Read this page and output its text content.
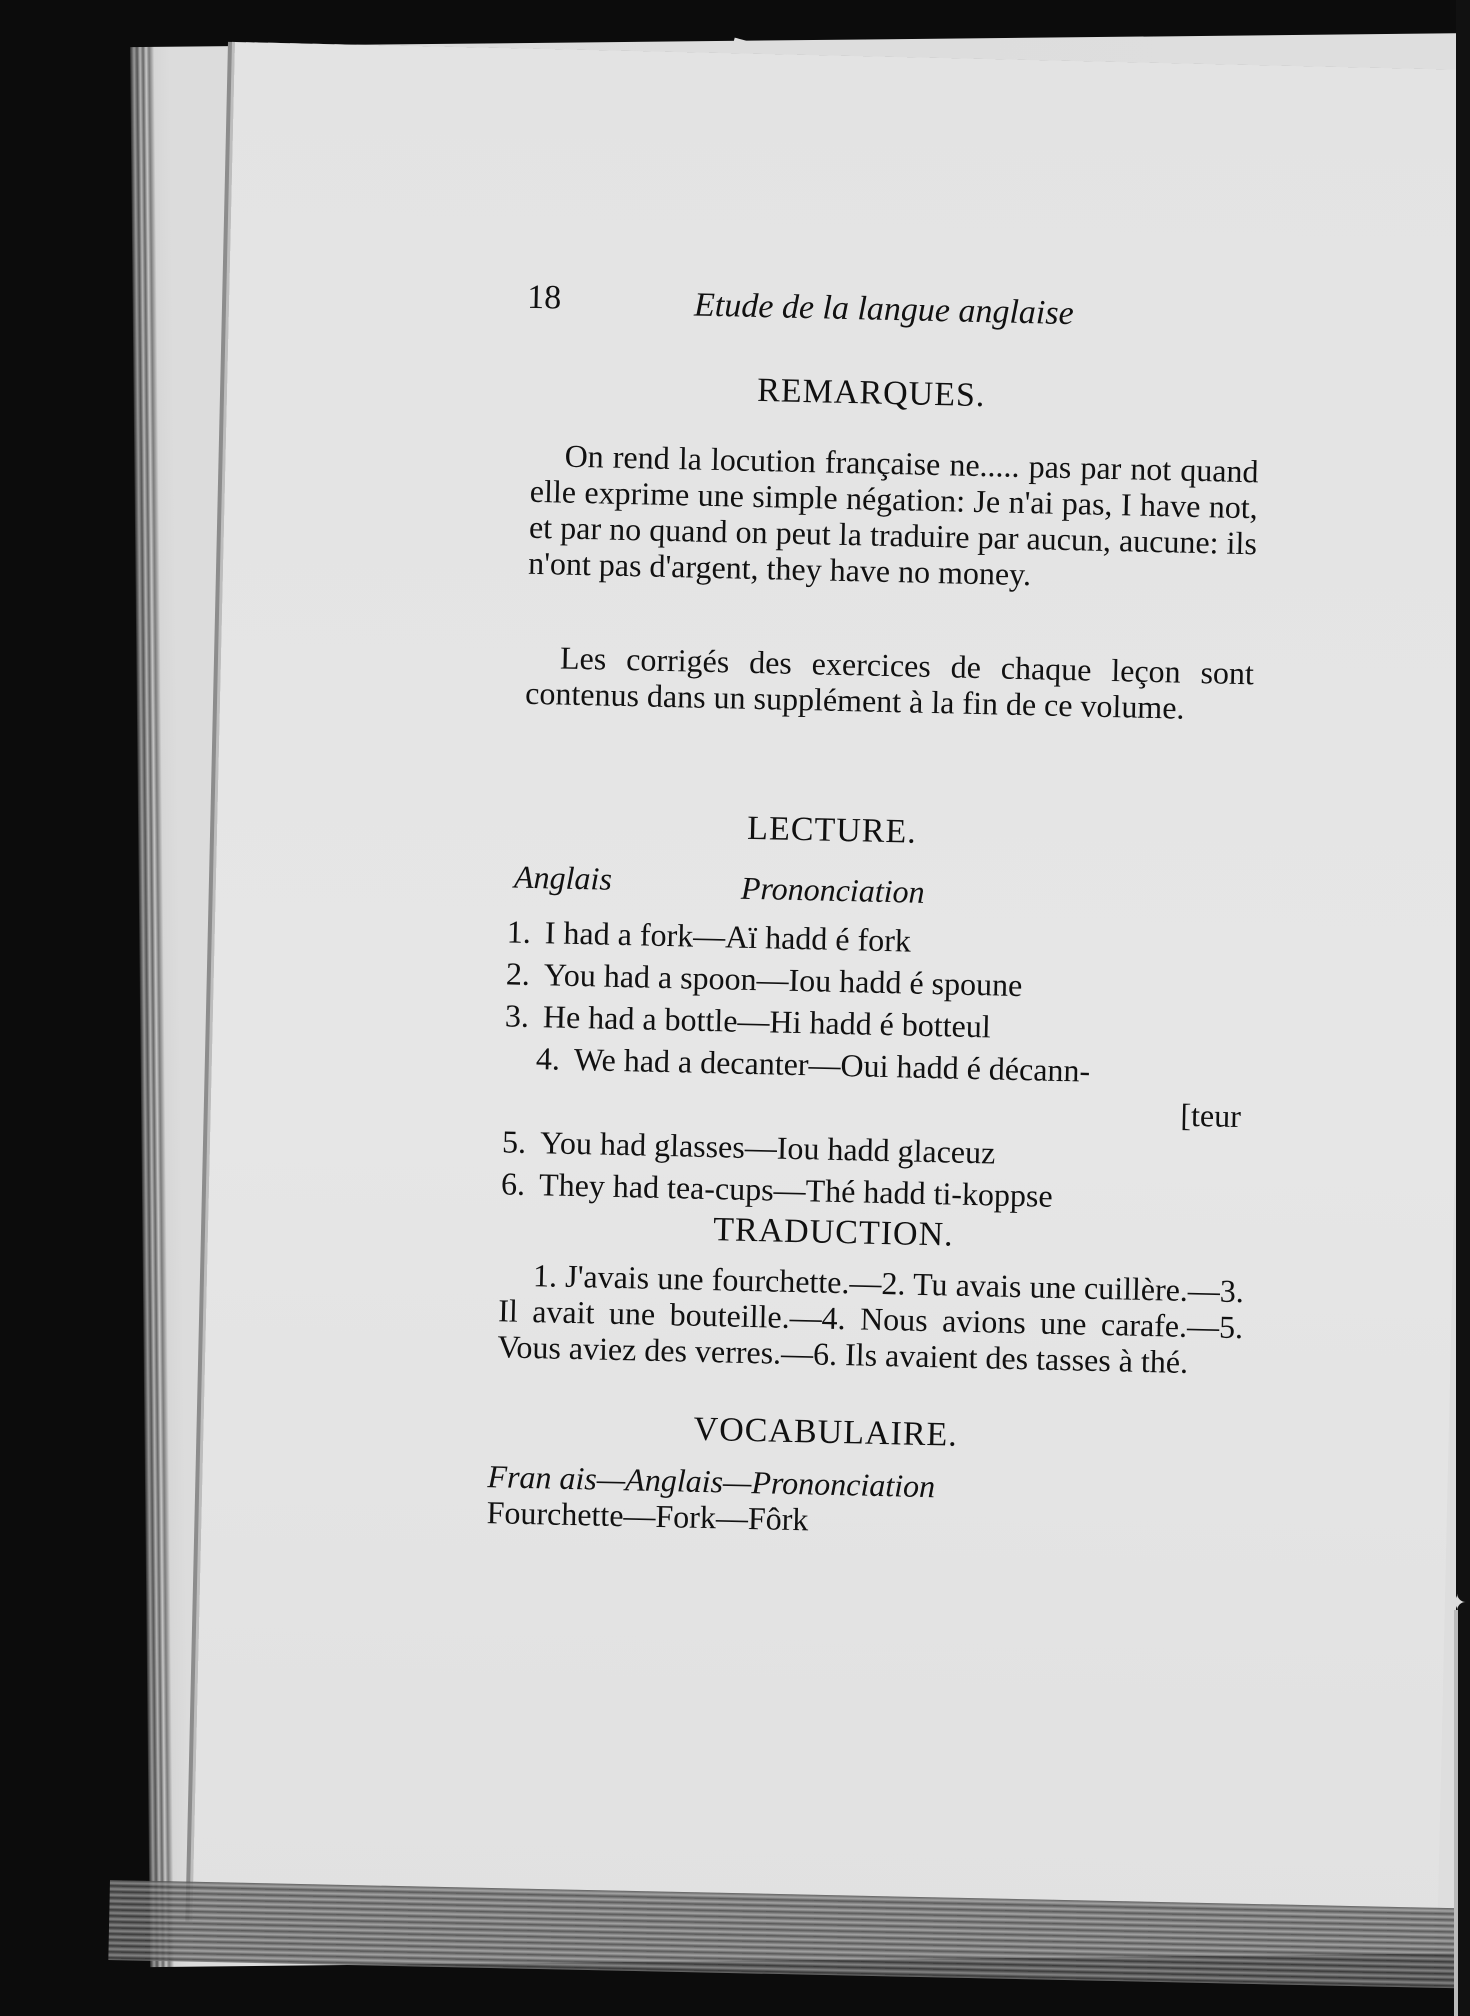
18	Etude de la langue anglaise
REMARQUES.

On rend la locution française ne..... pas par not quand elle exprime une simple négation: Je n'ai pas, I have not, et par no quand on peut la traduire par aucun, aucune: ils n'ont pas d'argent, they have no money.

Les corrigés des exercices de chaque leçon sont contenus dans un supplément à la fin de ce volume.

LECTURE.
Anglais	Prononciation
1. I had a fork—Aï hadd é fork
2. You had a spoon—Iou hadd é spoune
3. He had a bottle—Hi hadd é botteul
4. We had a decanter—Oui hadd é décann-
[teur
5. You had glasses—Iou hadd glaceuz
6. They had tea-cups—Thé hadd ti-koppse
TRADUCTION.

1. J'avais une fourchette.—2. Tu avais une cuillère.—3. Il avait une bouteille.—4. Nous avions une carafe.—5. Vous aviez des verres.—6. Ils avaient des tasses à thé.

VOCABULAIRE.
Fran ais—Anglais—Prononciation
Fourchette—Fork—Fôrk
✦
